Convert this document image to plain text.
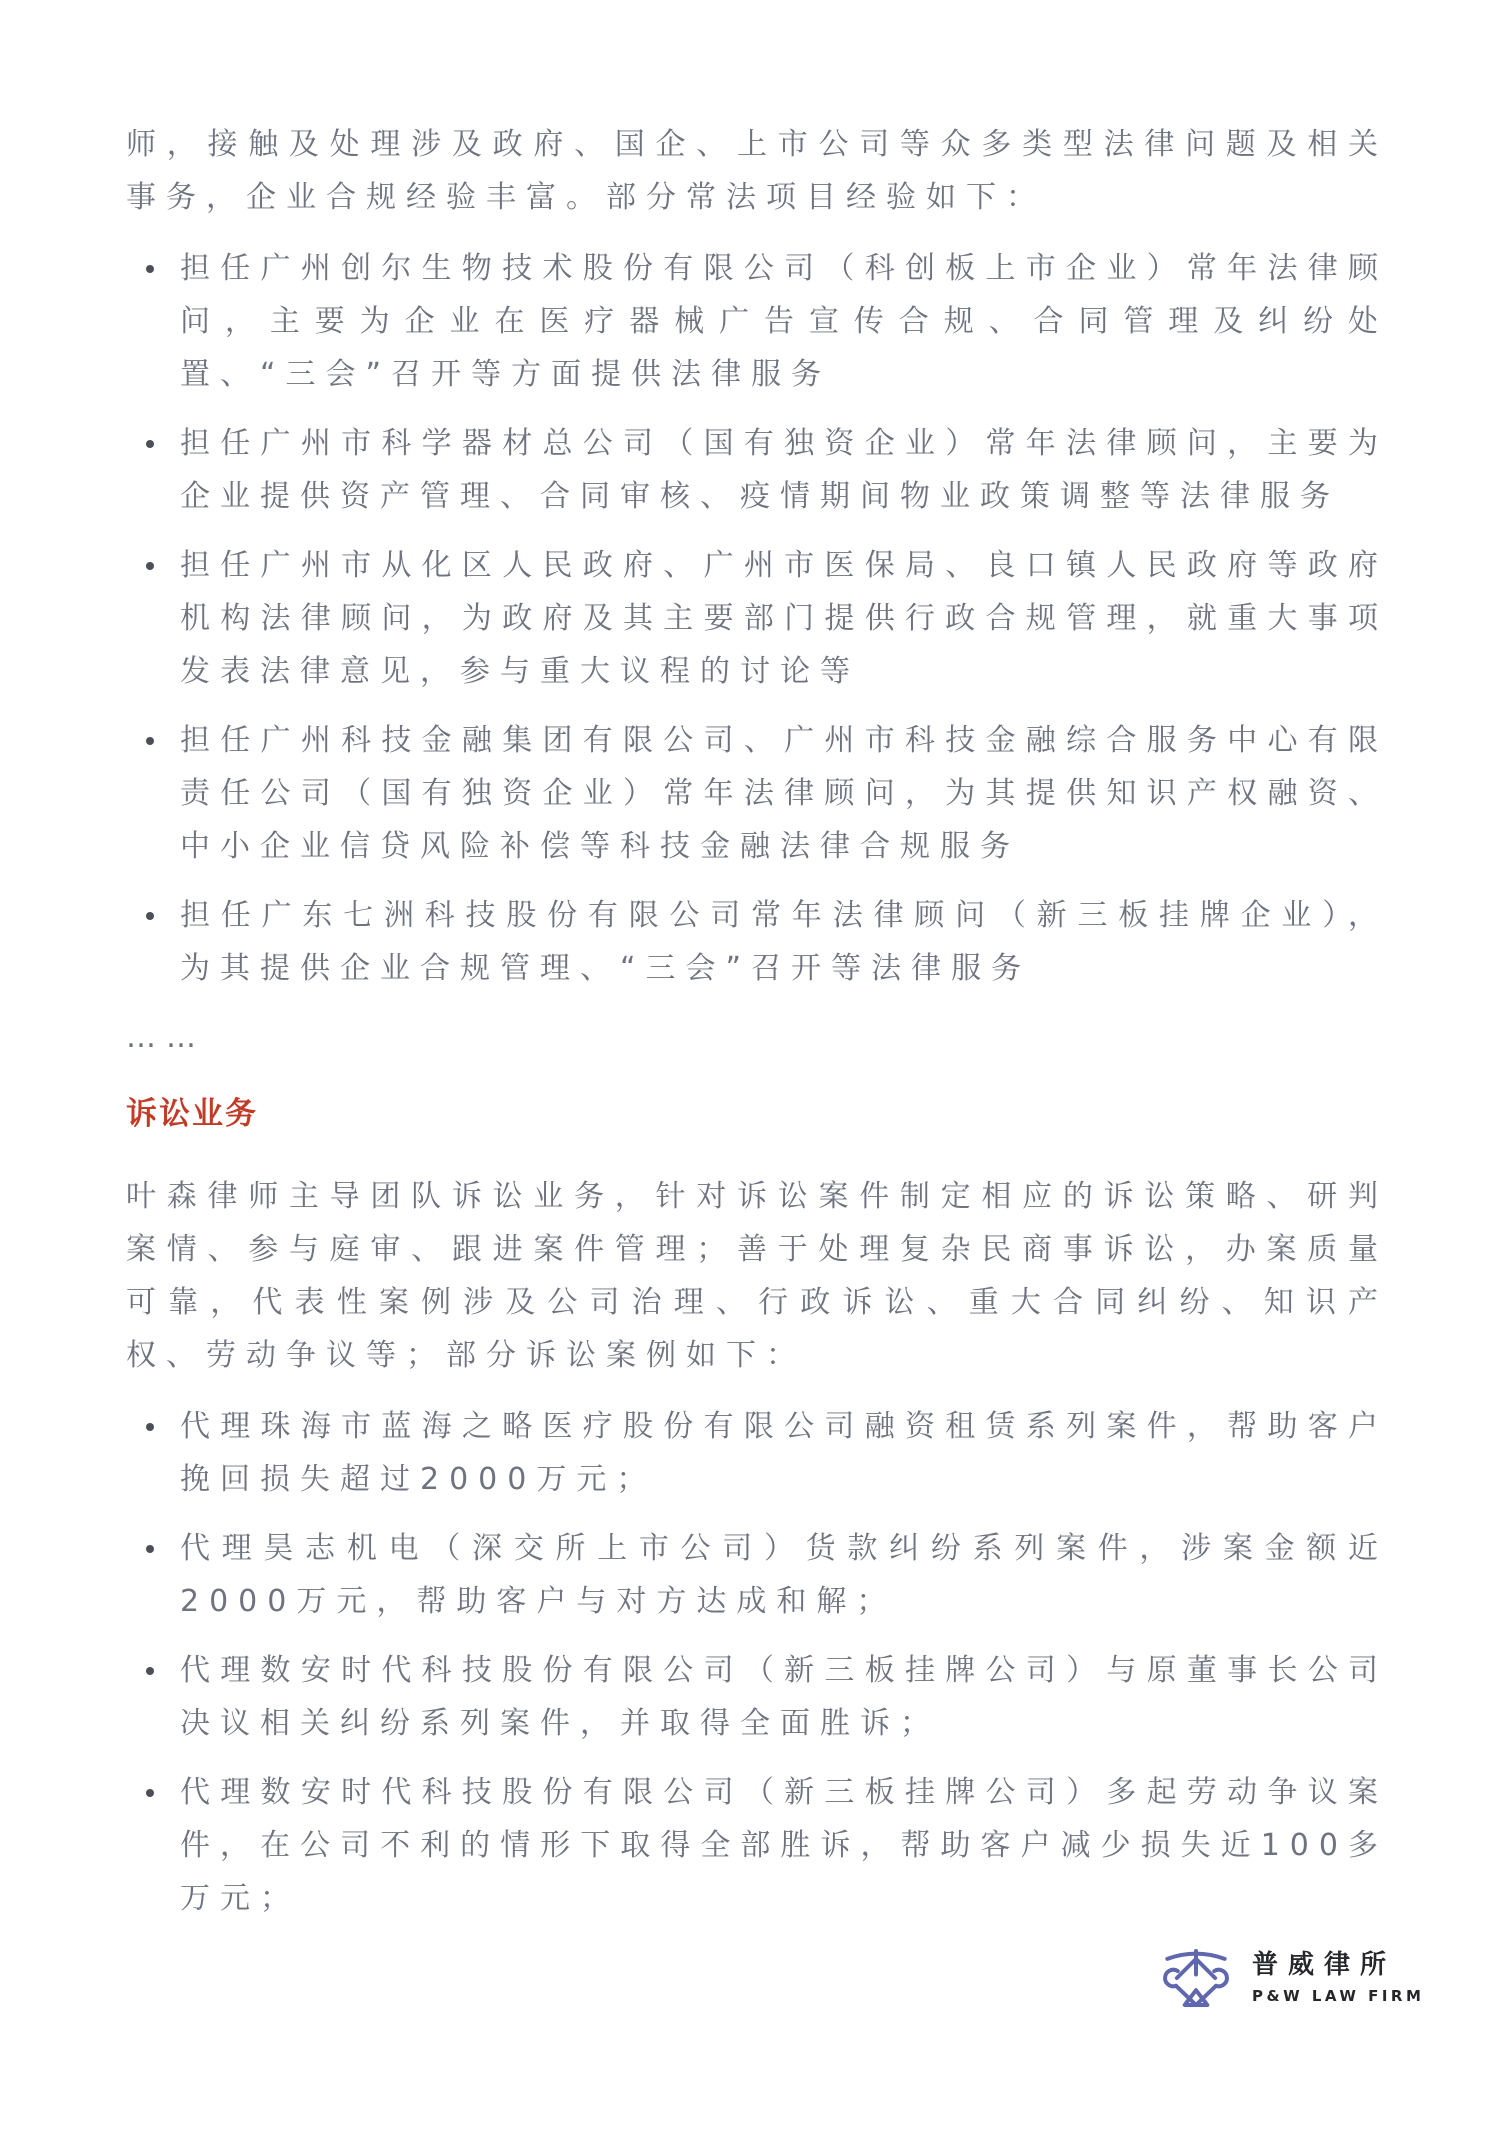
师，接触及处理涉及政府、国企、上市公司等众多类型法律问题及相关事务，企业合规经验丰富。部分常法项目经验如下：

担任广州创尔生物技术股份有限公司（科创板上市企业）常年法律顾问，主要为企业在医疗器械广告宣传合规、合同管理及纠纷处置、“三会”召开等方面提供法律服务
担任广州市科学器材总公司（国有独资企业）常年法律顾问，主要为企业提供资产管理、合同审核、疫情期间物业政策调整等法律服务
担任广州市从化区人民政府、广州市医保局、良口镇人民政府等政府机构法律顾问，为政府及其主要部门提供行政合规管理，就重大事项发表法律意见，参与重大议程的讨论等
担任广州科技金融集团有限公司、广州市科技金融综合服务中心有限责任公司（国有独资企业）常年法律顾问，为其提供知识产权融资、中小企业信贷风险补偿等科技金融法律合规服务
担任广东七洲科技股份有限公司常年法律顾问（新三板挂牌企业），为其提供企业合规管理、“三会”召开等法律服务

……

诉讼业务

叶森律师主导团队诉讼业务，针对诉讼案件制定相应的诉讼策略、研判案情、参与庭审、跟进案件管理；善于处理复杂民商事诉讼，办案质量可靠，代表性案例涉及公司治理、行政诉讼、重大合同纠纷、知识产权、劳动争议等；部分诉讼案例如下：

代理珠海市蓝海之略医疗股份有限公司融资租赁系列案件，帮助客户挽回损失超过2000万元；
代理昊志机电（深交所上市公司）货款纠纷系列案件，涉案金额近2000万元，帮助客户与对方达成和解；
代理数安时代科技股份有限公司（新三板挂牌公司）与原董事长公司决议相关纠纷系列案件，并取得全面胜诉；
代理数安时代科技股份有限公司（新三板挂牌公司）多起劳动争议案件，在公司不利的情形下取得全部胜诉，帮助客户减少损失近100多万元；
普威律所
P&W LAW FIRM
